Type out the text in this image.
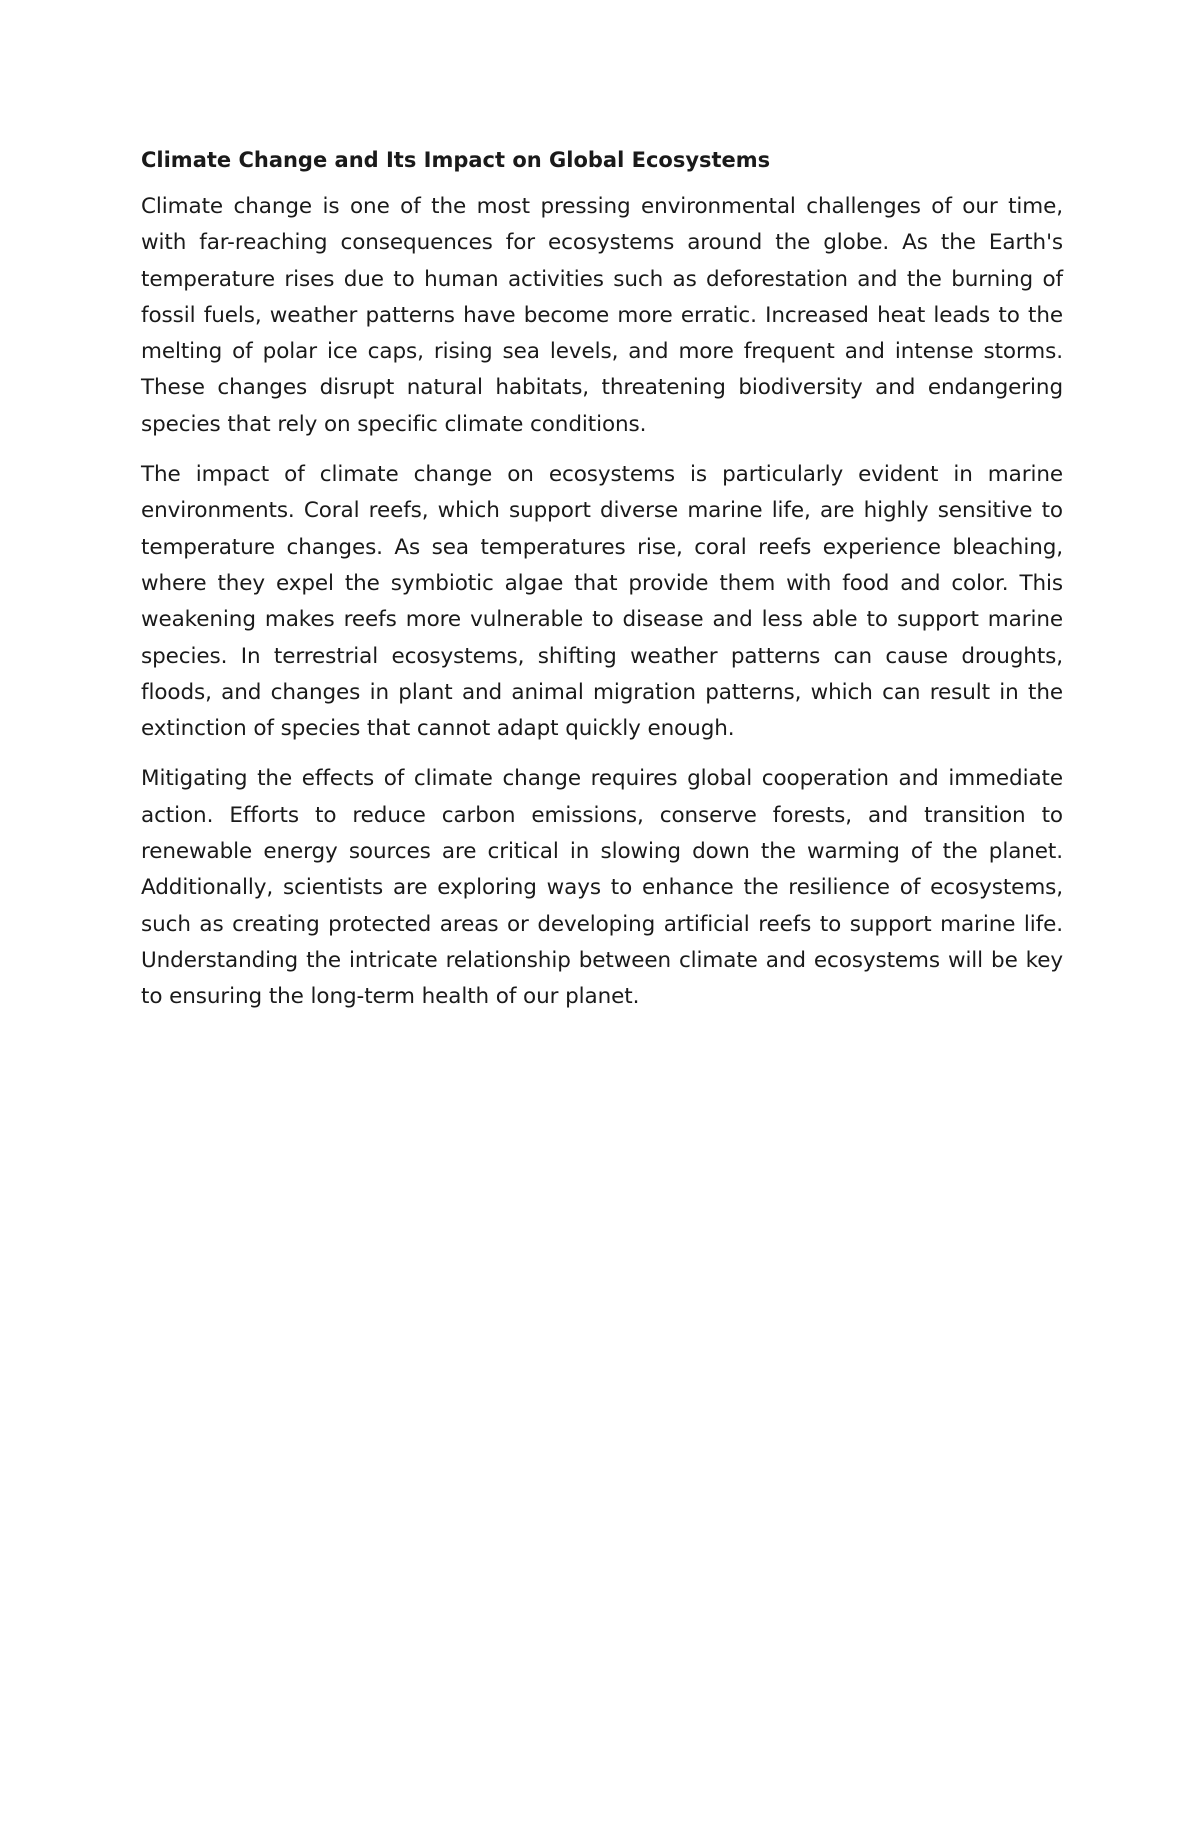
Climate Change and Its Impact on Global Ecosystems

Climate change is one of the most pressing environmental challenges of our time, with far-reaching consequences for ecosystems around the globe. As the Earth's temperature rises due to human activities such as deforestation and the burning of fossil fuels, weather patterns have become more erratic. Increased heat leads to the melting of polar ice caps, rising sea levels, and more frequent and intense storms. These changes disrupt natural habitats, threatening biodiversity and endangering species that rely on specific climate conditions.

The impact of climate change on ecosystems is particularly evident in marine environments. Coral reefs, which support diverse marine life, are highly sensitive to temperature changes. As sea temperatures rise, coral reefs experience bleaching, where they expel the symbiotic algae that provide them with food and color. This weakening makes reefs more vulnerable to disease and less able to support marine species. In terrestrial ecosystems, shifting weather patterns can cause droughts, floods, and changes in plant and animal migration patterns, which can result in the extinction of species that cannot adapt quickly enough.

Mitigating the effects of climate change requires global cooperation and immediate action. Efforts to reduce carbon emissions, conserve forests, and transition to renewable energy sources are critical in slowing down the warming of the planet. Additionally, scientists are exploring ways to enhance the resilience of ecosystems, such as creating protected areas or developing artificial reefs to support marine life. Understanding the intricate relationship between climate and ecosystems will be key to ensuring the long-term health of our planet.
